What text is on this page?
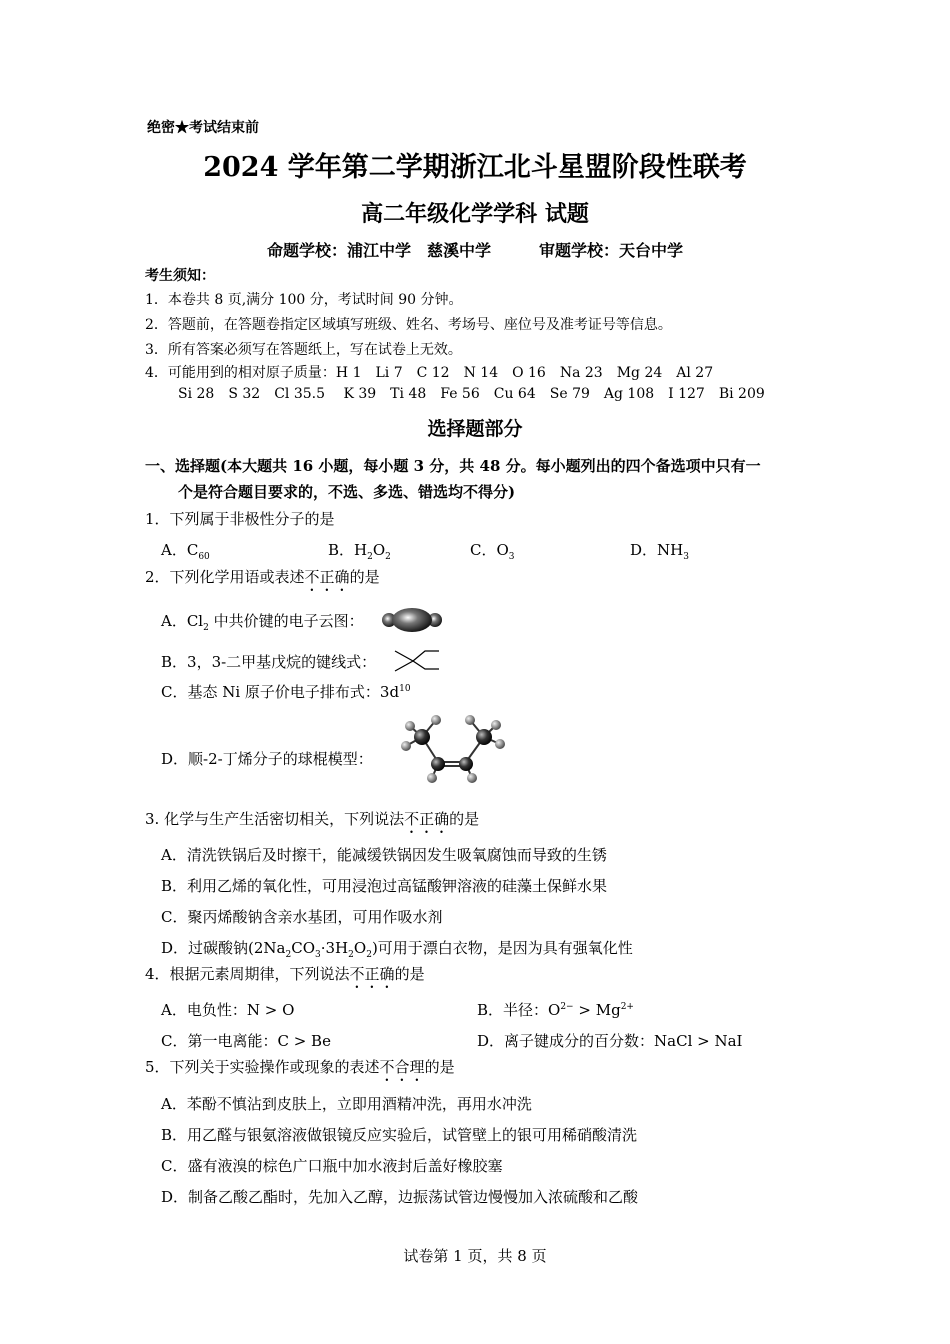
绝密★考试结束前
2024 学年第二学期浙江北斗星盟阶段性联考
高二年级化学学科 试题
命题学校：浦江中学　慈溪中学　　　审题学校：天台中学
考生须知：
1．本卷共 8 页,满分 100 分，考试时间 90 分钟。
2．答题前，在答题卷指定区域填写班级、姓名、考场号、座位号及准考证号等信息。
3．所有答案必须写在答题纸上，写在试卷上无效。
4．可能用到的相对原子质量：H 1　Li 7　C 12　N 14　O 16　Na 23　Mg 24　Al 27
Si 28　S 32　Cl 35.5　 K 39　Ti 48　Fe 56　Cu 64　Se 79　Ag 108　I 127　Bi 209
选择题部分
一、选择题(本大题共 16 小题，每小题 3 分，共 48 分。每小题列出的四个备选项中只有一
个是符合题目要求的，不选、多选、错选均不得分)
1．下列属于非极性分子的是
A．$C_{60}$	B．$H_2O_2$	C．$O_3$	D．$NH_3$
2．下列化学用语或表述不正确的是
A．$Cl_2$ 中共价键的电子云图：
B．3，3-二甲基戊烷的键线式：
C．基态 Ni 原子价电子排布式：$3d^{10}$
D．顺-2-丁烯分子的球棍模型：
3. 化学与生产生活密切相关，下列说法不正确的是
A．清洗铁锅后及时擦干，能减缓铁锅因发生吸氧腐蚀而导致的生锈
B．利用乙烯的氧化性，可用浸泡过高锰酸钾溶液的硅藻土保鲜水果
C．聚丙烯酸钠含亲水基团，可用作吸水剂
D．过碳酸钠$(2Na_2CO_3\cdot 3H_2O_2)$可用于漂白衣物，是因为具有强氧化性
4．根据元素周期律，下列说法不正确的是
A．电负性：N > O	B．半径：$O^{2-} > Mg^{2+}$
C．第一电离能：C > Be	D．离子键成分的百分数：NaCl > NaI
5．下列关于实验操作或现象的表述不合理的是
A．苯酚不慎沾到皮肤上，立即用酒精冲洗，再用水冲洗
B．用乙醛与银氨溶液做银镜反应实验后，试管壁上的银可用稀硝酸清洗
C．盛有液溴的棕色广口瓶中加水液封后盖好橡胶塞
D．制备乙酸乙酯时，先加入乙醇，边振荡试管边慢慢加入浓硫酸和乙酸
试卷第 1 页，共 8 页
